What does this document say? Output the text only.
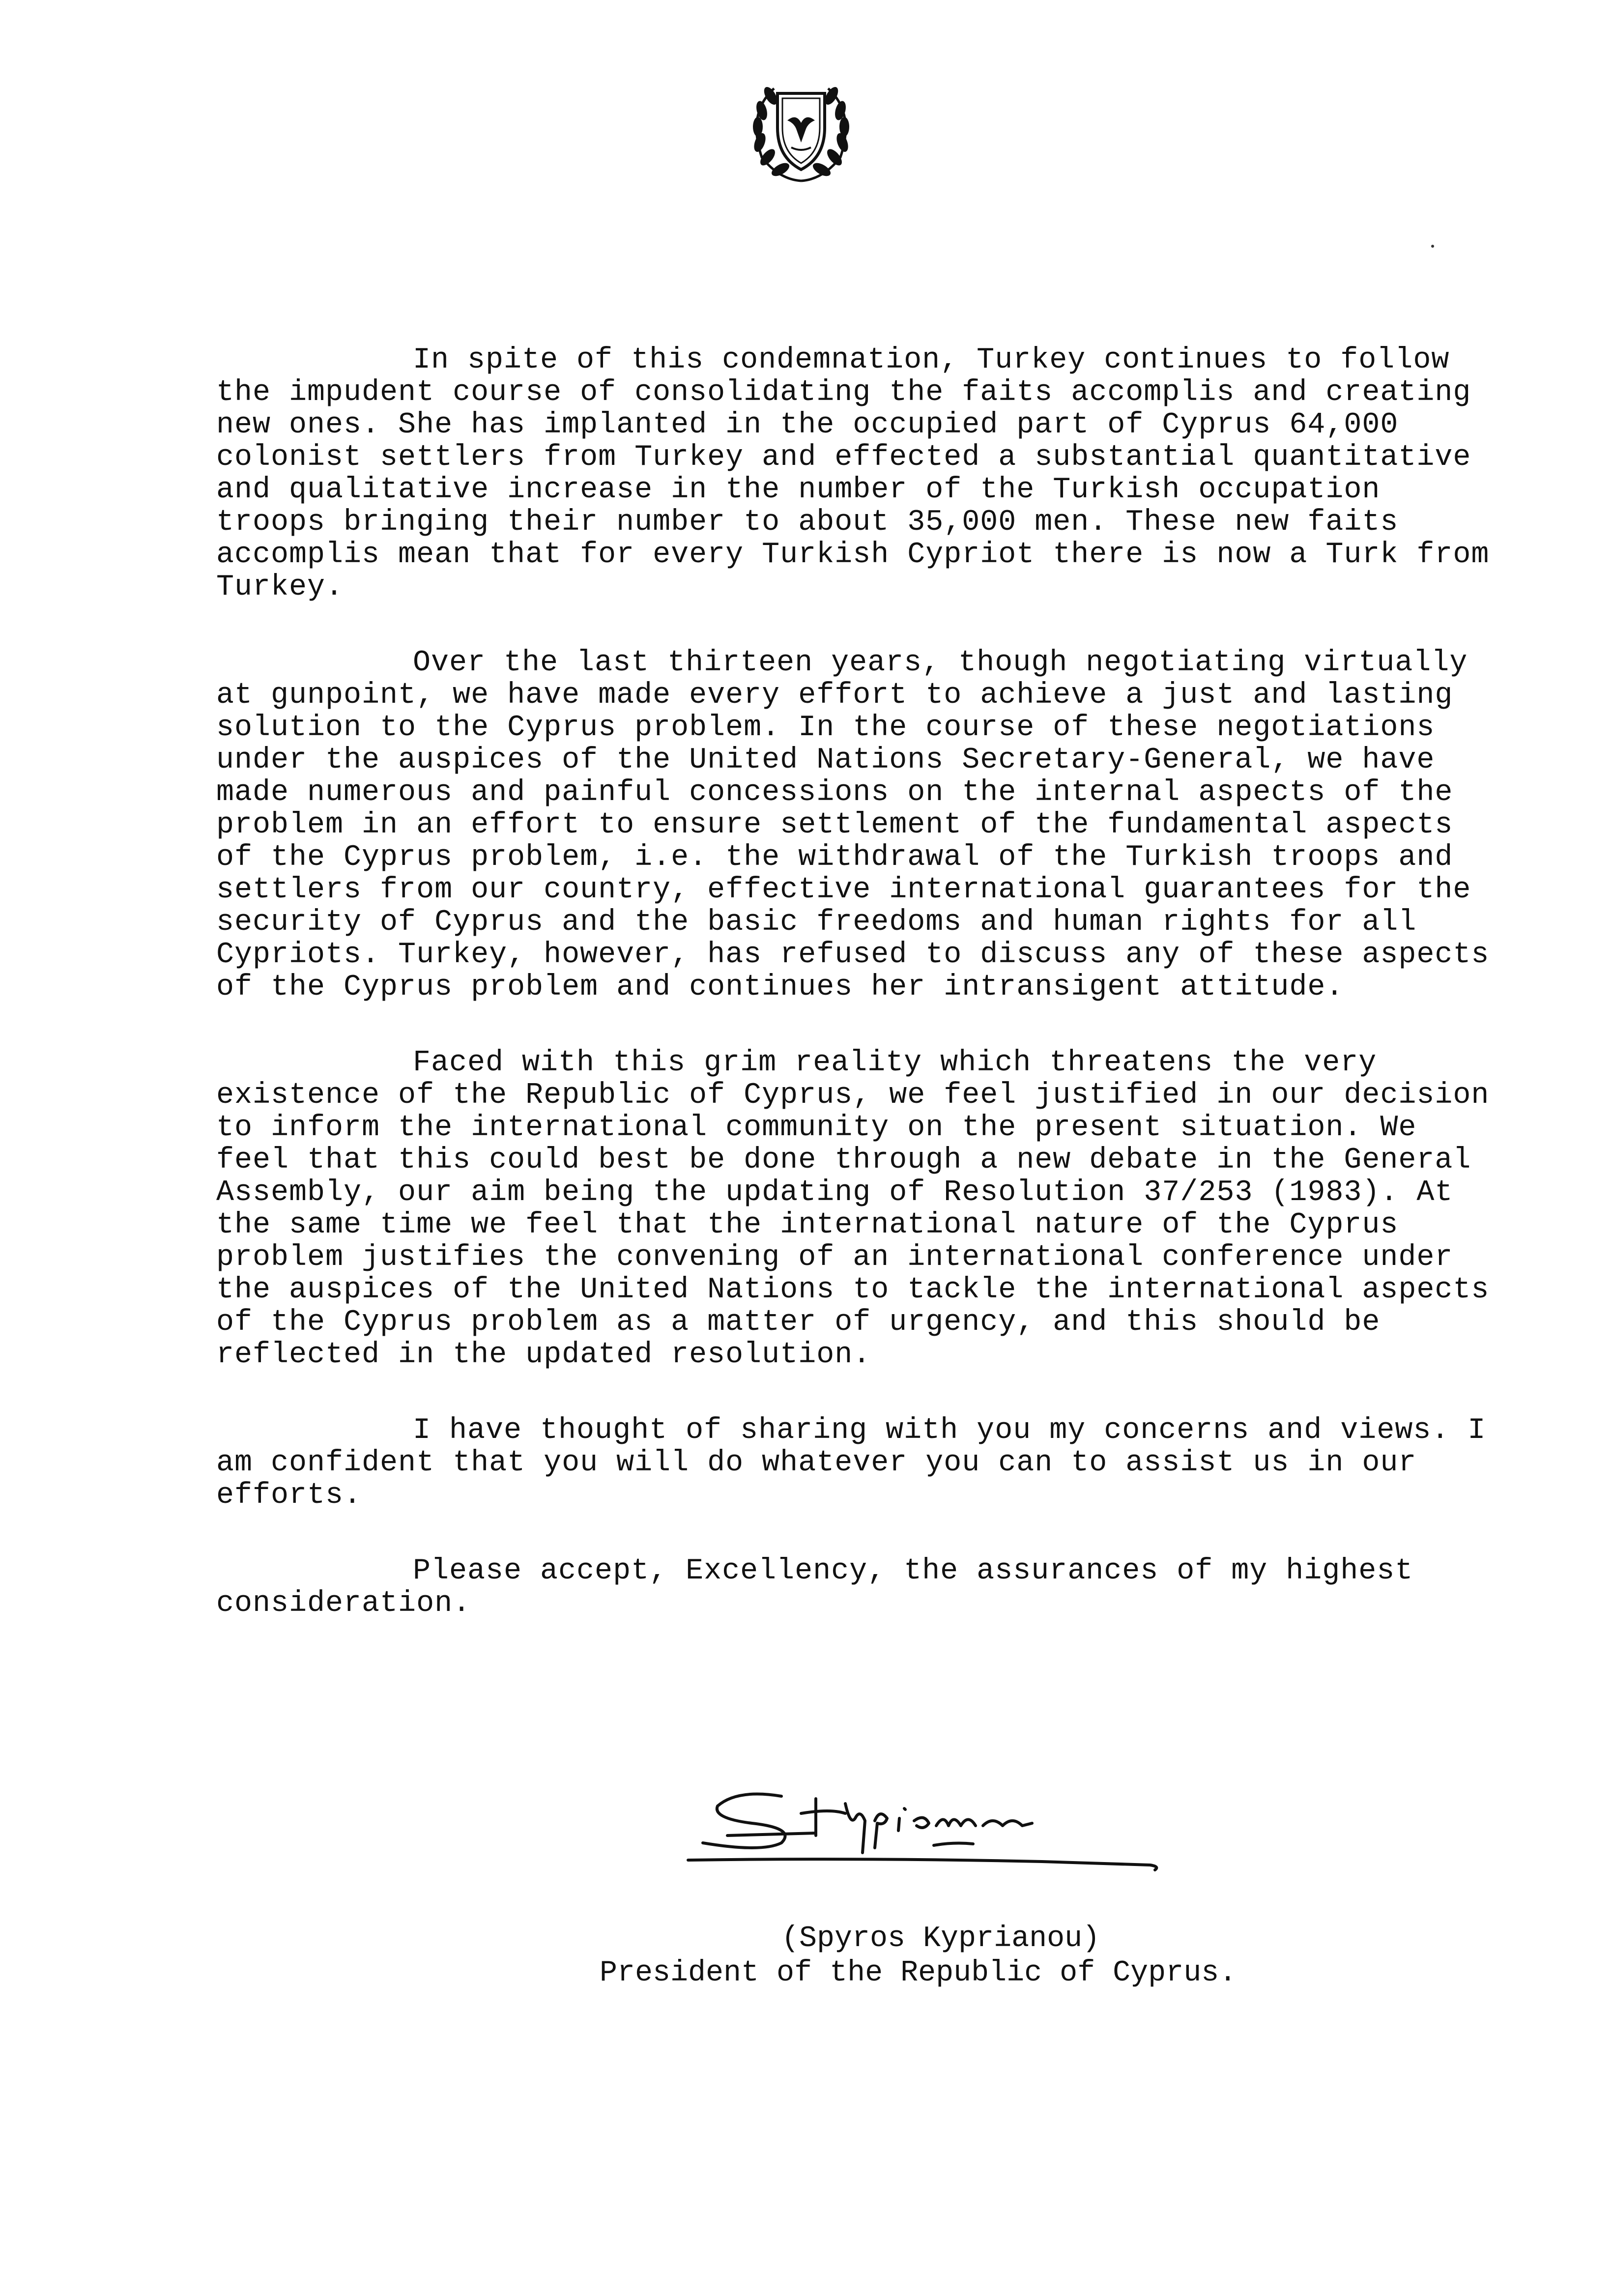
In spite of this condemnation, Turkey continues to follow the impudent course of consolidating the faits accomplis and creating new ones. She has implanted in the occupied part of Cyprus 64,000 colonist settlers from Turkey and effected a substantial quantitative and qualitative increase in the number of the Turkish occupation troops bringing their number to about 35,000 men. These new faits accomplis mean that for every Turkish Cypriot there is now a Turk from Turkey.

Over the last thirteen years, though negotiating virtually at gunpoint, we have made every effort to achieve a just and lasting solution to the Cyprus problem. In the course of these negotiations under the auspices of the United Nations Secretary-General, we have made numerous and painful concessions on the internal aspects of the problem in an effort to ensure settlement of the fundamental aspects of the Cyprus problem, i.e. the withdrawal of the Turkish troops and settlers from our country, effective international guarantees for the security of Cyprus and the basic freedoms and human rights for all Cypriots. Turkey, however, has refused to discuss any of these aspects of the Cyprus problem and continues her intransigent attitude.

Faced with this grim reality which threatens the very existence of the Republic of Cyprus, we feel justified in our decision to inform the international community on the present situation. We feel that this could best be done through a new debate in the General Assembly, our aim being the updating of Resolution 37/253 (1983). At the same time we feel that the international nature of the Cyprus problem justifies the convening of an international conference under the auspices of the United Nations to tackle the international aspects of the Cyprus problem as a matter of urgency, and this should be reflected in the updated resolution.

I have thought of sharing with you my concerns and views. I am confident that you will do whatever you can to assist us in our efforts.

Please accept, Excellency, the assurances of my highest consideration.

(Spyros Kyprianou)
President of the Republic of Cyprus.
